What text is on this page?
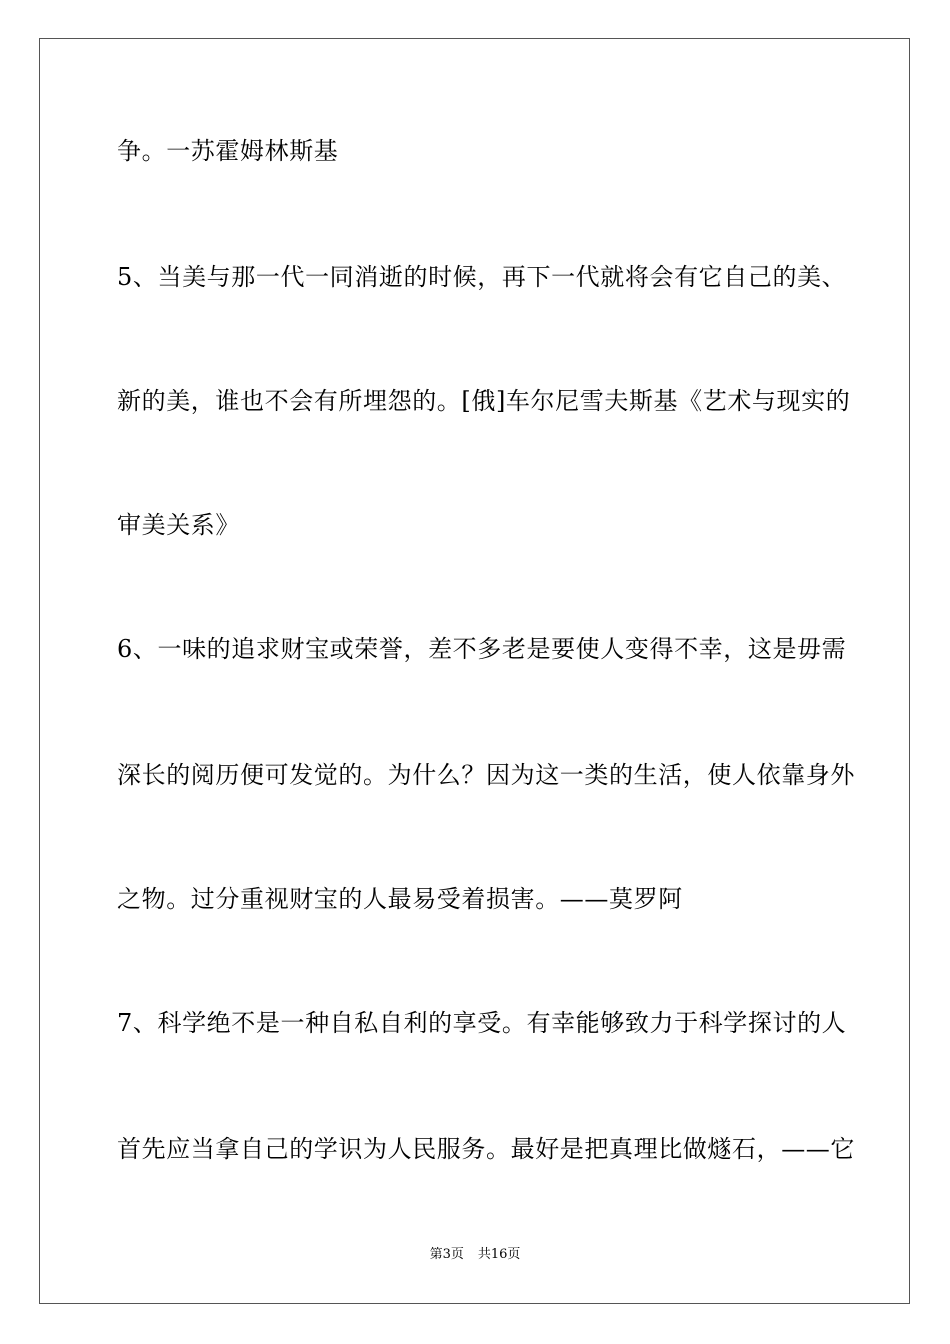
争。一苏霍姆林斯基
5、当美与那一代一同消逝的时候，再下一代就将会有它自己的美、
新的美，谁也不会有所埋怨的。[俄]车尔尼雪夫斯基《艺术与现实的
审美关系》
6、一味的追求财宝或荣誉，差不多老是要使人变得不幸，这是毋需
深长的阅历便可发觉的。为什么？因为这一类的生活，使人依靠身外
之物。过分重视财宝的人最易受着损害。——莫罗阿
7、科学绝不是一种自私自利的享受。有幸能够致力于科学探讨的人
首先应当拿自己的学识为人民服务。最好是把真理比做燧石，——它
第3页 共16页
